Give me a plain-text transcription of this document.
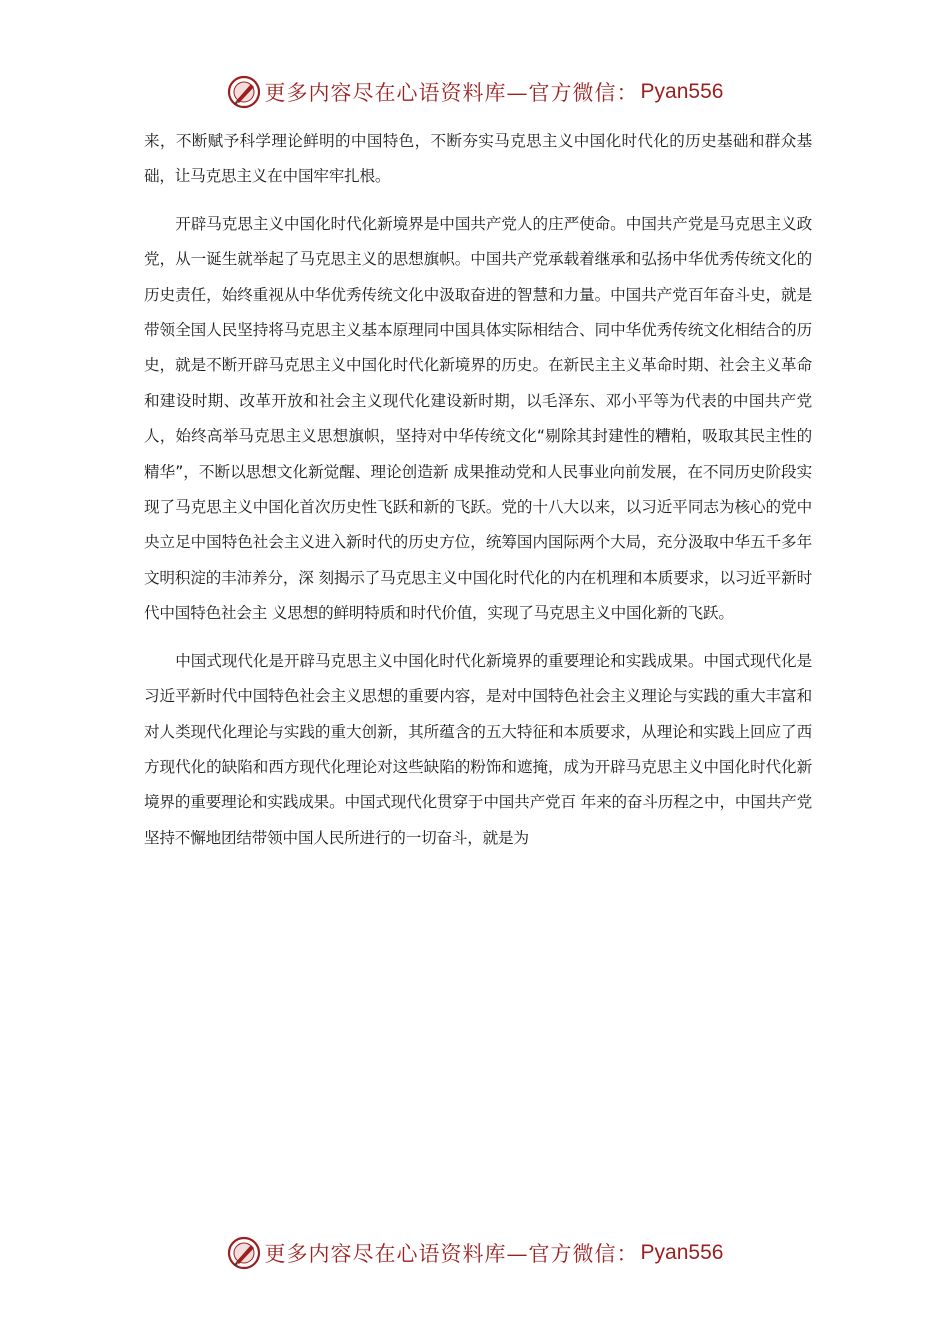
更多内容尽在心语资料库—官方微信： Pyan556

来，不断赋予科学理论鲜明的中国特色，不断夯实马克思主义中国化时代化的历史基础和群众基础，让马克思主义在中国牢牢扎根。

开辟马克思主义中国化时代化新境界是中国共产党人的庄严使命。中国共产党是马克思主义政党，从一诞生就举起了马克思主义的思想旗帜。中国共产党承载着继承和弘扬中华优秀传统文化的历史责任，始终重视从中华优秀传统文化中汲取奋进的智慧和力量。中国共产党百年奋斗史，就是带领全国人民坚持将马克思主义基本原理同中国具体实际相结合、同中华优秀传统文化相结合的历史，就是不断开辟马克思主义中国化时代化新境界的历史。在新民主主义革命时期、社会主义革命和建设时期、改革开放和社会主义现代化建设新时期，以毛泽东、邓小平等为代表的中国共产党人，始终高举马克思主义思想旗帜，坚持对中华传统文化“剔除其封建性的糟粕，吸取其民主性的精华”，不断以思想文化新觉醒、理论创造新 成果推动党和人民事业向前发展，在不同历史阶段实现了马克思主义中国化首次历史性飞跃和新的飞跃。党的十八大以来，以习近平同志为核心的党中央立足中国特色社会主义进入新时代的历史方位，统筹国内国际两个大局，充分汲取中华五千多年文明积淀的丰沛养分，深 刻揭示了马克思主义中国化时代化的内在机理和本质要求，以习近平新时代中国特色社会主 义思想的鲜明特质和时代价值，实现了马克思主义中国化新的飞跃。

中国式现代化是开辟马克思主义中国化时代化新境界的重要理论和实践成果。中国式现代化是习近平新时代中国特色社会主义思想的重要内容，是对中国特色社会主义理论与实践的重大丰富和对人类现代化理论与实践的重大创新，其所蕴含的五大特征和本质要求，从理论和实践上回应了西方现代化的缺陷和西方现代化理论对这些缺陷的粉饰和遮掩，成为开辟马克思主义中国化时代化新境界的重要理论和实践成果。中国式现代化贯穿于中国共产党百 年来的奋斗历程之中，中国共产党坚持不懈地团结带领中国人民所进行的一切奋斗，就是为

更多内容尽在心语资料库—官方微信： Pyan556
